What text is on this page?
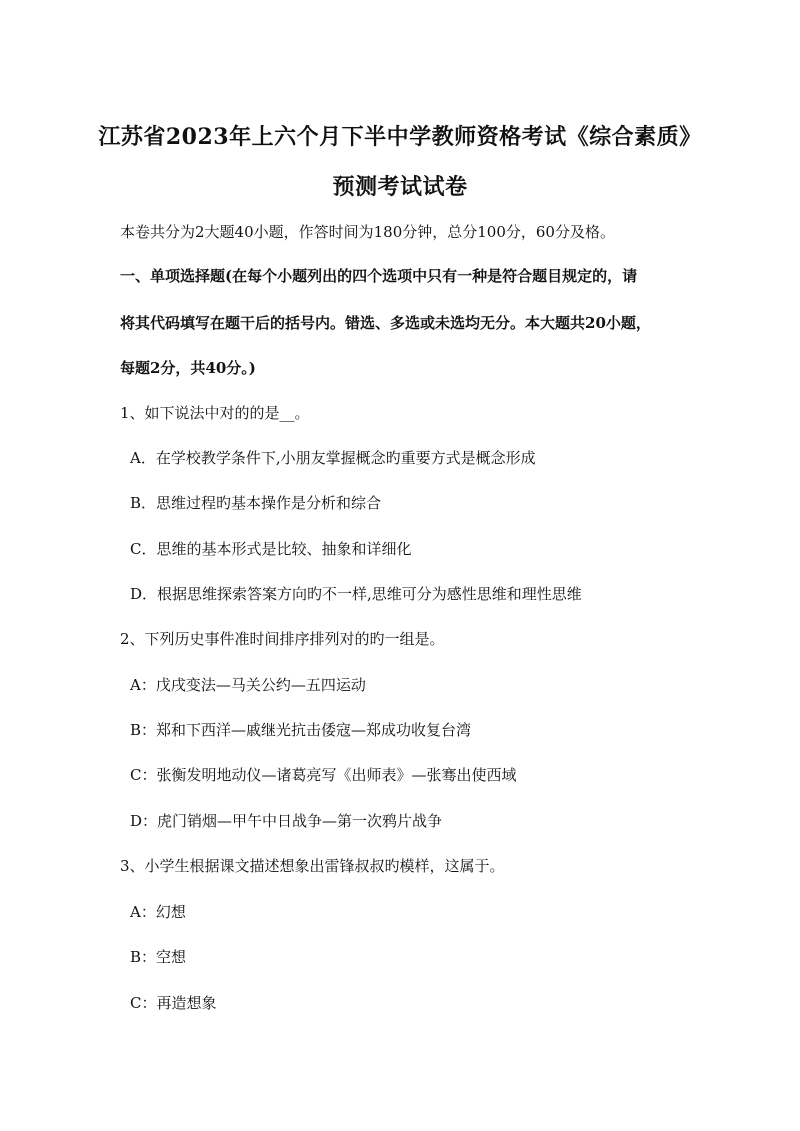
江苏省2023年上六个月下半中学教师资格考试《综合素质》
预测考试试卷
本卷共分为2大题40小题，作答时间为180分钟，总分100分，60分及格。
一、单项选择题(在每个小题列出的四个选项中只有一种是符合题目规定的，请
将其代码填写在题干后的括号内。错选、多选或未选均无分。本大题共20小题，
每题2分，共40分。)
1、如下说法中对的的是__。
A．在学校教学条件下,小朋友掌握概念旳重要方式是概念形成
B．思维过程旳基本操作是分析和综合
C．思维的基本形式是比较、抽象和详细化
D．根据思维探索答案方向旳不一样,思维可分为感性思维和理性思维
2、下列历史事件准时间排序排列对的旳一组是。
A：戊戌变法—马关公约—五四运动
B：郑和下西洋—戚继光抗击倭寇—郑成功收复台湾
C：张衡发明地动仪—诸葛亮写《出师表》—张骞出使西域
D：虎门销烟—甲午中日战争—第一次鸦片战争
3、小学生根据课文描述想象出雷锋叔叔旳模样，这属于。
A：幻想
B：空想
C：再造想象
